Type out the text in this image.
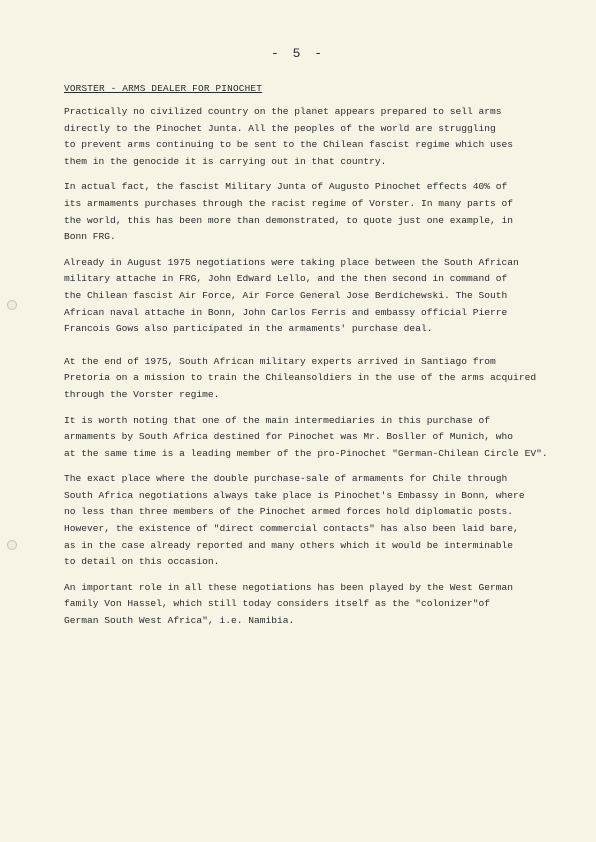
- 5 -
VORSTER - ARMS DEALER FOR PINOCHET

Practically no civilized country on the planet appears prepared to sell arms
directly to the Pinochet Junta. All the peoples of the world are struggling
to prevent arms continuing to be sent to the Chilean fascist regime which uses
them in the genocide it is carrying out in that country.

In actual fact, the fascist Military Junta of Augusto Pinochet effects 40% of
its armaments purchases through the racist regime of Vorster. In many parts of
the world, this has been more than demonstrated, to quote just one example, in
Bonn FRG.

Already in August 1975 negotiations were taking place between the South African
military attache in FRG, John Edward Lello, and the then second in command of
the Chilean fascist Air Force, Air Force General Jose Berdichewski. The South
African naval attache in Bonn, John Carlos Ferris and embassy official Pierre
Francois Gows also participated in the armaments' purchase deal.

At the end of 1975, South African military experts arrived in Santiago from
Pretoria on a mission to train the Chileansoldiers in the use of the arms acquired
through the Vorster regime.

It is worth noting that one of the main intermediaries in this purchase of
armaments by South Africa destined for Pinochet was Mr. Bosller of Munich, who
at the same time is a leading member of the pro-Pinochet "German-Chilean Circle EV".

The exact place where the double purchase-sale of armaments for Chile through
South Africa negotiations always take place is Pinochet's Embassy in Bonn, where
no less than three members of the Pinochet armed forces hold diplomatic posts.
However, the existence of "direct commercial contacts" has also been laid bare,
as in the case already reported and many others which it would be interminable
to detail on this occasion.

An important role in all these negotiations has been played by the West German
family Von Hassel, which still today considers itself as the "colonizer"of
German South West Africa", i.e. Namibia.
